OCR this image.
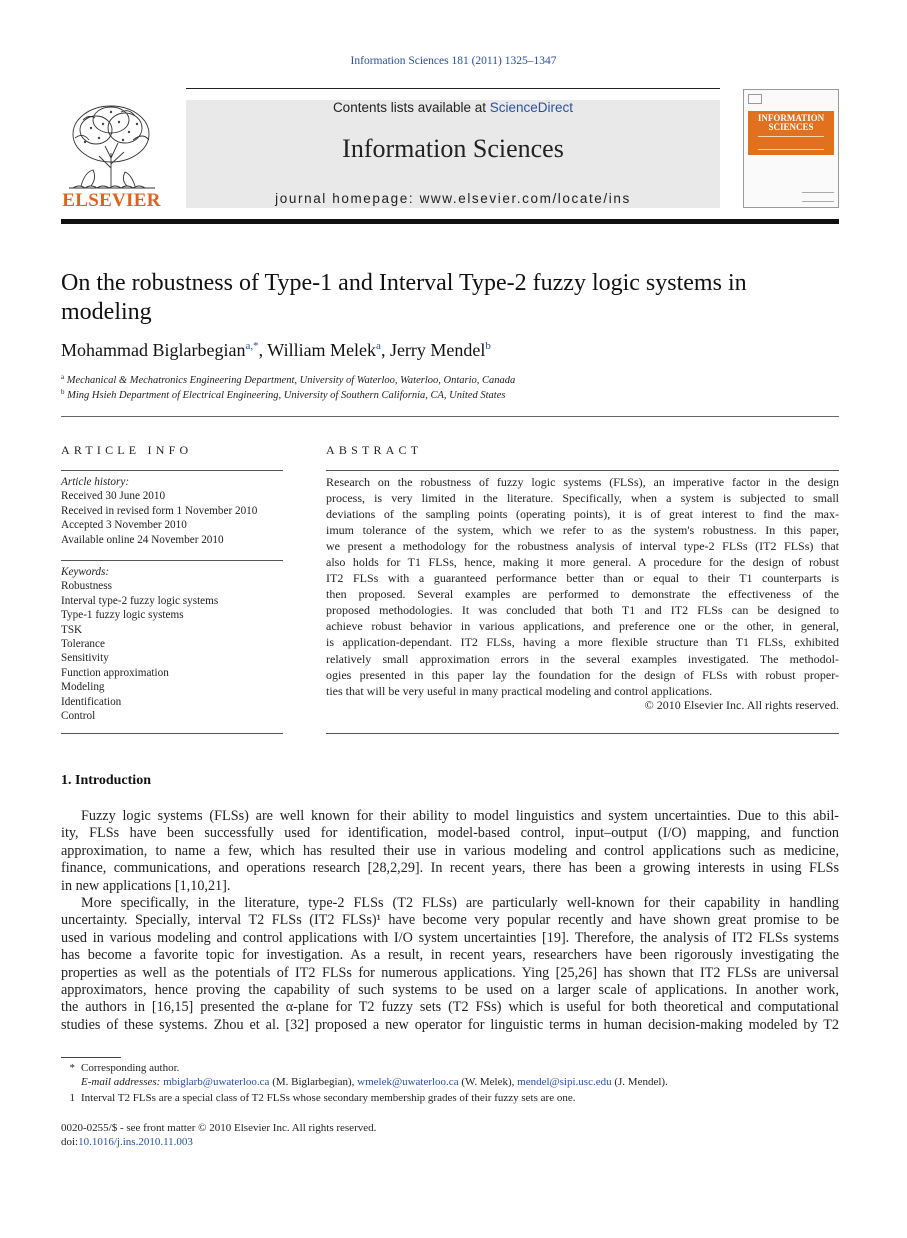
Information Sciences 181 (2011) 1325–1347
ELSEVIER
Contents lists available at ScienceDirect
Information Sciences
journal homepage: www.elsevier.com/locate/ins
INFORMATION SCIENCES
On the robustness of Type-1 and Interval Type-2 fuzzy logic systems in
modeling
Mohammad Biglarbegian$^{a,*}$, William Melek$^a$, Jerry Mendel$^b$
$^a$ Mechanical & Mechatronics Engineering Department, University of Waterloo, Waterloo, Ontario, Canada
$^b$ Ming Hsieh Department of Electrical Engineering, University of Southern California, CA, United States
ARTICLE INFO
Article history:
Received 30 June 2010
Received in revised form 1 November 2010
Accepted 3 November 2010
Available online 24 November 2010
Keywords:
Robustness
Interval type-2 fuzzy logic systems
Type-1 fuzzy logic systems
TSK
Tolerance
Sensitivity
Function approximation
Modeling
Identification
Control
ABSTRACT
Research on the robustness of fuzzy logic systems (FLSs), an imperative factor in the design
process, is very limited in the literature. Specifically, when a system is subjected to small
deviations of the sampling points (operating points), it is of great interest to find the max-
imum tolerance of the system, which we refer to as the system's robustness. In this paper,
we present a methodology for the robustness analysis of interval type-2 FLSs (IT2 FLSs) that
also holds for T1 FLSs, hence, making it more general. A procedure for the design of robust
IT2 FLSs with a guaranteed performance better than or equal to their T1 counterparts is
then proposed. Several examples are performed to demonstrate the effectiveness of the
proposed methodologies. It was concluded that both T1 and IT2 FLSs can be designed to
achieve robust behavior in various applications, and preference one or the other, in general,
is application-dependant. IT2 FLSs, having a more flexible structure than T1 FLSs, exhibited
relatively small approximation errors in the several examples investigated. The methodol-
ogies presented in this paper lay the foundation for the design of FLSs with robust proper-
ties that will be very useful in many practical modeling and control applications.
© 2010 Elsevier Inc. All rights reserved.
1. Introduction
Fuzzy logic systems (FLSs) are well known for their ability to model linguistics and system uncertainties. Due to this abil-
ity, FLSs have been successfully used for identification, model-based control, input–output (I/O) mapping, and function
approximation, to name a few, which has resulted their use in various modeling and control applications such as medicine,
finance, communications, and operations research [28,2,29]. In recent years, there has been a growing interests in using FLSs
in new applications [1,10,21].
More specifically, in the literature, type-2 FLSs (T2 FLSs) are particularly well-known for their capability in handling
uncertainty. Specially, interval T2 FLSs (IT2 FLSs)¹ have become very popular recently and have shown great promise to be
used in various modeling and control applications with I/O system uncertainties [19]. Therefore, the analysis of IT2 FLSs systems
has become a favorite topic for investigation. As a result, in recent years, researchers have been rigorously investigating the
properties as well as the potentials of IT2 FLSs for numerous applications. Ying [25,26] has shown that IT2 FLSs are universal
approximators, hence proving the capability of such systems to be used on a larger scale of applications. In another work,
the authors in [16,15] presented the α-plane for T2 fuzzy sets (T2 FSs) which is useful for both theoretical and computational
studies of these systems. Zhou et al. [32] proposed a new operator for linguistic terms in human decision-making modeled by T2
* Corresponding author.
E-mail addresses: mbiglarb@uwaterloo.ca (M. Biglarbegian), wmelek@uwaterloo.ca (W. Melek), mendel@sipi.usc.edu (J. Mendel).
1 Interval T2 FLSs are a special class of T2 FLSs whose secondary membership grades of their fuzzy sets are one.
0020-0255/$ - see front matter © 2010 Elsevier Inc. All rights reserved.
doi:10.1016/j.ins.2010.11.003
